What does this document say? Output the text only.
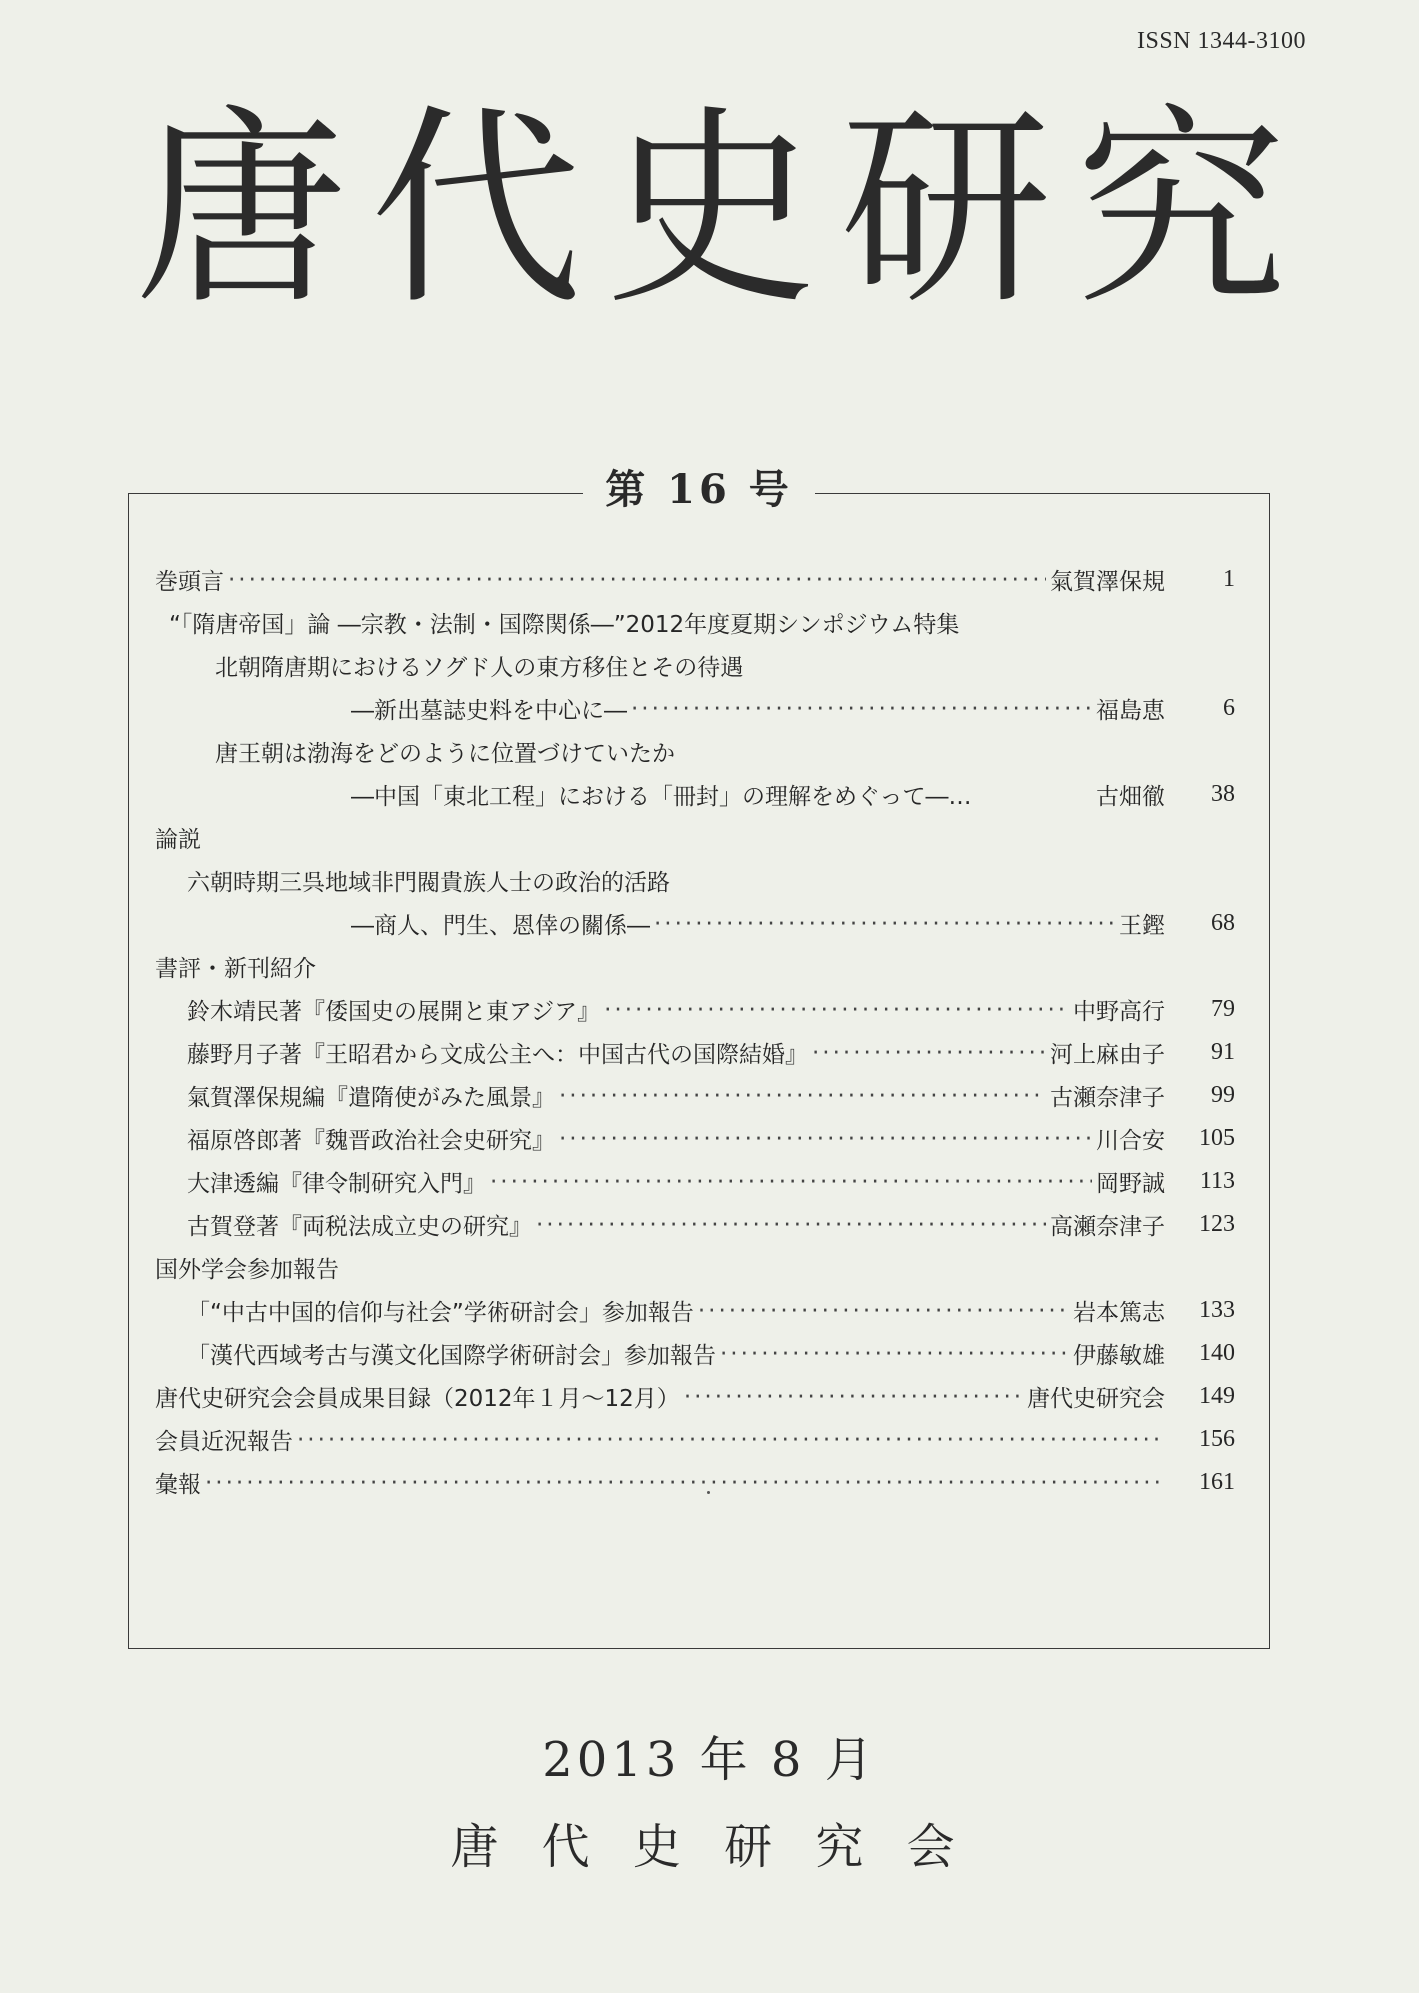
ISSN 1344-3100
唐 代 史 研 究
第 16 号
巻頭言 ·····	氣賀澤保規	1
“「隋唐帝国」論 ―宗教・法制・国際関係―”2012年度夏期シンポジウム特集
北朝隋唐期におけるソグド人の東方移住とその待遇
―新出墓誌史料を中心に― ·····	福島恵	6
唐王朝は渤海をどのように位置づけていたか
―中国「東北工程」における「冊封」の理解をめぐって―…	古畑徹	38
論説
六朝時期三呉地域非門閥貴族人士の政治的活路
―商人、門生、恩倖の關係― ·····	王鏗	68
書評・新刊紹介
鈴木靖民著『倭国史の展開と東アジア』 ·····	中野高行	79
藤野月子著『王昭君から文成公主へ：中国古代の国際結婚』 ·····	河上麻由子	91
氣賀澤保規編『遣隋使がみた風景』 ·····	古瀬奈津子	99
福原啓郎著『魏晋政治社会史研究』 ·····	川合安	105
大津透編『律令制研究入門』 ·····	岡野誠	113
古賀登著『両税法成立史の研究』 ·····	高瀬奈津子	123
国外学会参加報告
「“中古中国的信仰与社会”学術研討会」参加報告 ·····	岩本篤志	133
「漢代西域考古与漢文化国際学術研討会」参加報告 ·····	伊藤敏雄	140
唐代史研究会会員成果目録（2012年１月～12月） ·····	唐代史研究会	149
会員近況報告 ·····	156
彙報 ·····	161
2013 年 8 月
唐 代 史 研 究 会
